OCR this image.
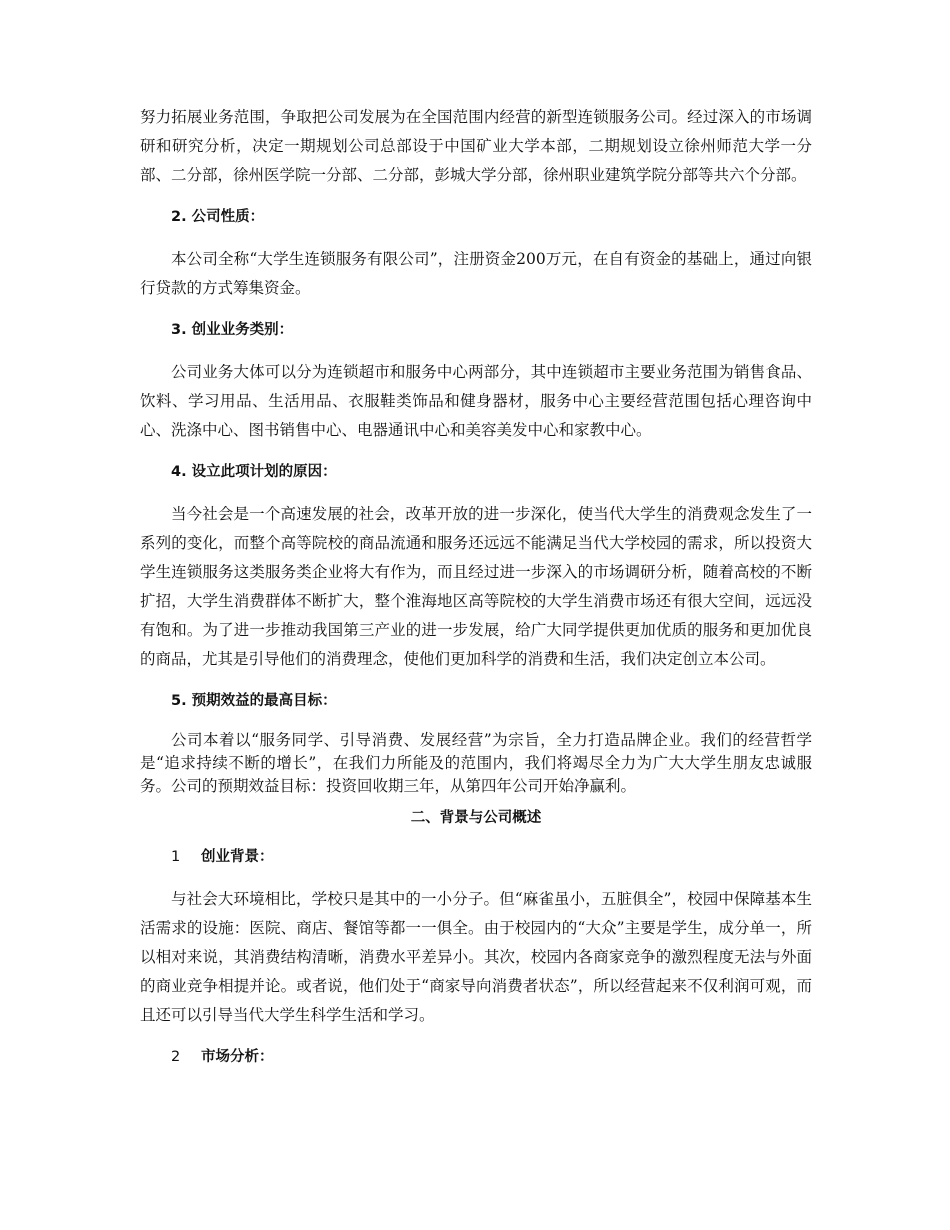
努力拓展业务范围，争取把公司发展为在全国范围内经营的新型连锁服务公司。经过深入的市场调研和研究分析，决定一期规划公司总部设于中国矿业大学本部，二期规划设立徐州师范大学一分部、二分部，徐州医学院一分部、二分部，彭城大学分部，徐州职业建筑学院分部等共六个分部。

2. 公司性质：

本公司全称“大学生连锁服务有限公司”，注册资金200万元，在自有资金的基础上，通过向银行贷款的方式筹集资金。

3. 创业业务类别：

公司业务大体可以分为连锁超市和服务中心两部分，其中连锁超市主要业务范围为销售食品、饮料、学习用品、生活用品、衣服鞋类饰品和健身器材，服务中心主要经营范围包括心理咨询中心、洗涤中心、图书销售中心、电器通讯中心和美容美发中心和家教中心。

4. 设立此项计划的原因：

当今社会是一个高速发展的社会，改革开放的进一步深化，使当代大学生的消费观念发生了一系列的变化，而整个高等院校的商品流通和服务还远远不能满足当代大学校园的需求，所以投资大学生连锁服务这类服务类企业将大有作为，而且经过进一步深入的市场调研分析，随着高校的不断扩招，大学生消费群体不断扩大，整个淮海地区高等院校的大学生消费市场还有很大空间，远远没有饱和。为了进一步推动我国第三产业的进一步发展，给广大同学提供更加优质的服务和更加优良的商品，尤其是引导他们的消费理念，使他们更加科学的消费和生活，我们决定创立本公司。

5. 预期效益的最高目标：

公司本着以“服务同学、引导消费、发展经营”为宗旨，全力打造品牌企业。我们的经营哲学是“追求持续不断的增长”，在我们力所能及的范围内，我们将竭尽全力为广大大学生朋友忠诚服务。公司的预期效益目标：投资回收期三年，从第四年公司开始净赢利。

二、背景与公司概述

1 创业背景：

与社会大环境相比，学校只是其中的一小分子。但“麻雀虽小，五脏俱全”，校园中保障基本生活需求的设施：医院、商店、餐馆等都一一俱全。由于校园内的“大众”主要是学生，成分单一，所以相对来说，其消费结构清晰，消费水平差异小。其次，校园内各商家竞争的激烈程度无法与外面的商业竞争相提并论。或者说，他们处于“商家导向消费者状态”，所以经营起来不仅利润可观，而且还可以引导当代大学生科学生活和学习。

2 市场分析：
